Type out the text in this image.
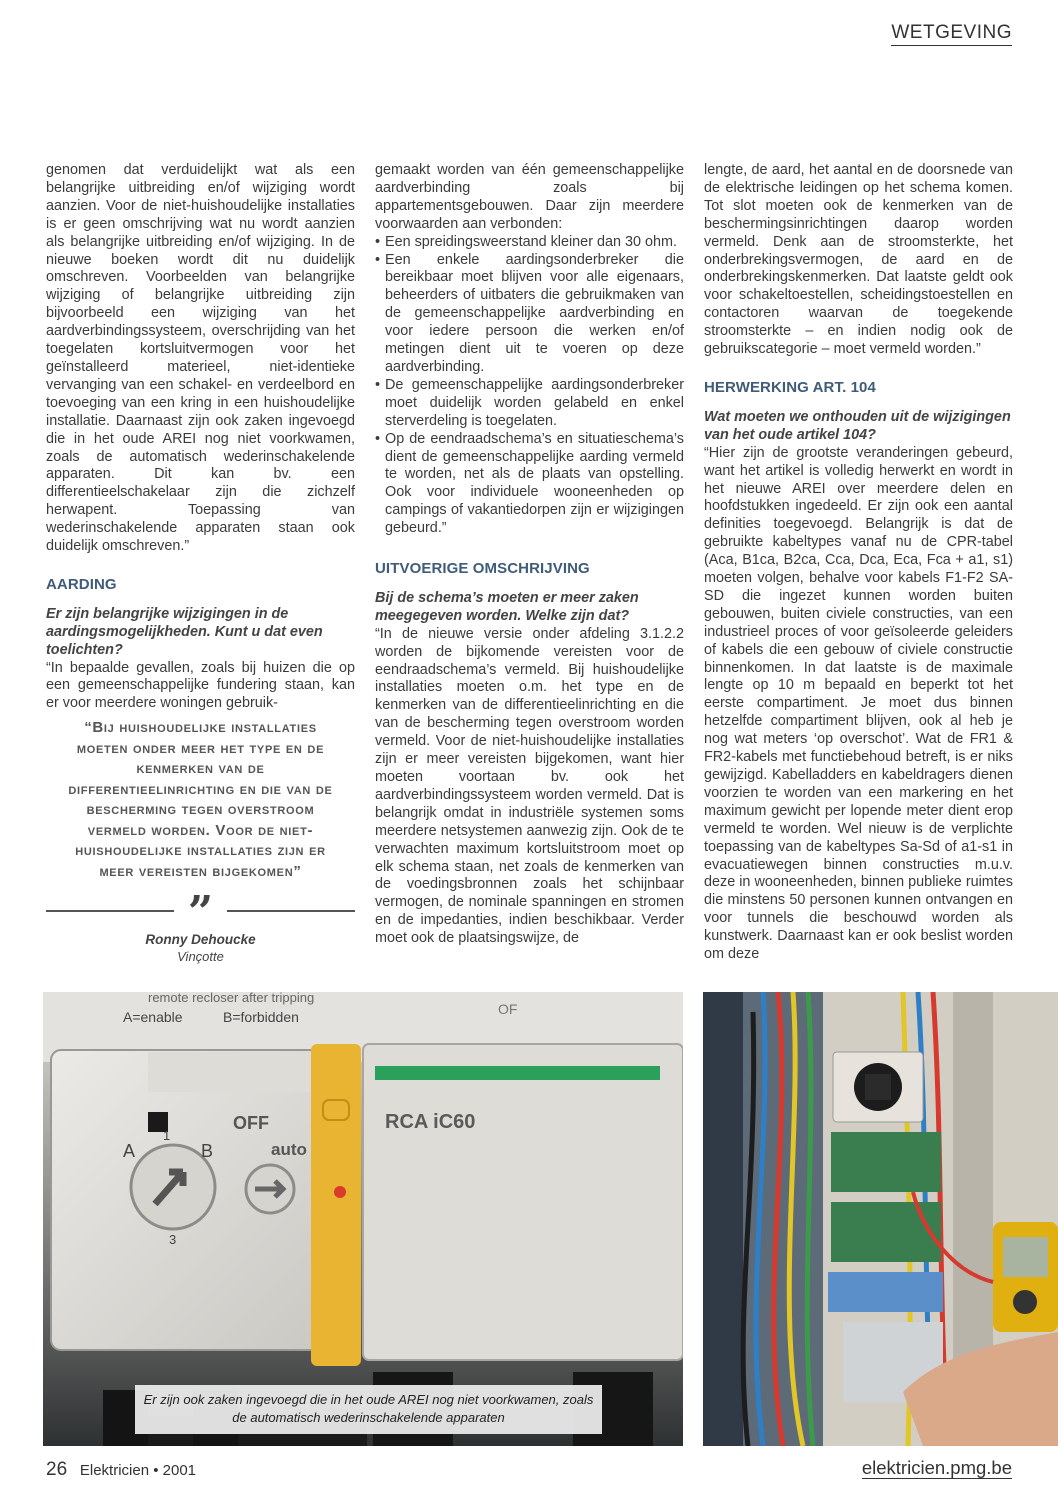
WETGEVING

genomen dat verduidelijkt wat als een belangrijke uitbreiding en/of wijziging wordt aanzien. Voor de niet-huishoudelijke installaties is er geen omschrijving wat nu wordt aanzien als belangrijke uitbreiding en/of wijziging. In de nieuwe boeken wordt dit nu duidelijk omschreven. Voorbeelden van belangrijke wijziging of belangrijke uitbreiding zijn bijvoorbeeld een wijziging van het aardverbindingssysteem, overschrijding van het toegelaten kortsluitvermogen voor het geïnstalleerd materieel, niet-identieke vervanging van een schakel- en verdeelbord en toevoeging van een kring in een huishoudelijke installatie. Daarnaast zijn ook zaken ingevoegd die in het oude AREI nog niet voorkwamen, zoals de automatisch wederinschakelende apparaten. Dit kan bv. een differentieelschakelaar zijn die zichzelf herwapent. Toepassing van wederinschakelende apparaten staan ook duidelijk omschreven.”

AARDING

Er zijn belangrijke wijzigingen in de aardingsmogelijkheden. Kunt u dat even toelichten?

“In bepaalde gevallen, zoals bij huizen die op een gemeenschappelijke fundering staan, kan er voor meerdere woningen gebruik-

“Bij huishoudelijke installaties moeten onder meer het type en de kenmerken van de differentieelinrichting en die van de bescherming tegen overstroom vermeld worden. Voor de niet-huishoudelijke installaties zijn er meer vereisten bijgekomen”
”
Ronny Dehoucke
Vinçotte

gemaakt worden van één gemeenschappelijke aardverbinding zoals bij appartementsgebouwen. Daar zijn meerdere voorwaarden aan verbonden:

• Een spreidingsweerstand kleiner dan 30 ohm.
• Een enkele aardingsonderbreker die bereikbaar moet blijven voor alle eigenaars, beheerders of uitbaters die gebruikmaken van de gemeenschappelijke aardverbinding en voor iedere persoon die werken en/of metingen dient uit te voeren op deze aardverbinding.
• De gemeenschappelijke aardingsonderbreker moet duidelijk worden gelabeld en enkel sterverdeling is toegelaten.
• Op de eendraadschema’s en situatieschema’s dient de gemeenschappelijke aarding vermeld te worden, net als de plaats van opstelling. Ook voor individuele wooneenheden op campings of vakantiedorpen zijn er wijzigingen gebeurd.”
UITVOERIGE OMSCHRIJVING

Bij de schema’s moeten er meer zaken meegegeven worden. Welke zijn dat?

“In de nieuwe versie onder afdeling 3.1.2.2 worden de bijkomende vereisten voor de eendraadschema’s vermeld. Bij huishoudelijke installaties moeten o.m. het type en de kenmerken van de differentieelinrichting en die van de bescherming tegen overstroom worden vermeld. Voor de niet-huishoudelijke installaties zijn er meer vereisten bijgekomen, want hier moeten voortaan bv. ook het aardverbindingssysteem worden vermeld. Dat is belangrijk omdat in industriële systemen soms meerdere netsystemen aanwezig zijn. Ook de te verwachten maximum kortsluitstroom moet op elk schema staan, net zoals de kenmerken van de voedingsbronnen zoals het schijnbaar vermogen, de nominale spanningen en stromen en de impedanties, indien beschikbaar. Verder moet ook de plaatsingswijze, de

lengte, de aard, het aantal en de doorsnede van de elektrische leidingen op het schema komen. Tot slot moeten ook de kenmerken van de beschermingsinrichtingen daarop worden vermeld. Denk aan de stroomsterkte, het onderbrekingsvermogen, de aard en de onderbrekingskenmerken. Dat laatste geldt ook voor schakeltoestellen, scheidingstoestellen en contactoren waarvan de toegekende stroomsterkte – en indien nodig ook de gebruikscategorie – moet vermeld worden.”

HERWERKING ART. 104

Wat moeten we onthouden uit de wijzigingen van het oude artikel 104?

“Hier zijn de grootste veranderingen gebeurd, want het artikel is volledig herwerkt en wordt in het nieuwe AREI over meerdere delen en hoofdstukken ingedeeld. Er zijn ook een aantal definities toegevoegd. Belangrijk is dat de gebruikte kabeltypes vanaf nu de CPR-tabel (Aca, B1ca, B2ca, Cca, Dca, Eca, Fca + a1, s1) moeten volgen, behalve voor kabels F1-F2 SA-SD die ingezet kunnen worden buiten gebouwen, buiten civiele constructies, van een industrieel proces of voor geïsoleerde geleiders of kabels die een gebouw of civiele constructie binnenkomen. In dat laatste is de maximale lengte op 10 m bepaald en beperkt tot het eerste compartiment. Je moet dus binnen hetzelfde compartiment blijven, ook al heb je nog wat meters ‘op overschot’. Wat de FR1 & FR2-kabels met functiebehoud betreft, is er niks gewijzigd. Kabelladders en kabeldragers dienen voorzien te worden van een markering en het maximum gewicht per lopende meter dient erop vermeld te worden. Wel nieuw is de verplichte toepassing van de kabeltypes Sa-Sd of a1-s1 in evacuatiewegen binnen constructies m.u.v. deze in wooneenheden, binnen publieke ruimtes die minstens 50 personen kunnen ontvangen en voor tunnels die beschouwd worden als kunstwerk. Daarnaast kan er ook beslist worden om deze

remote recloser after tripping
A=enable	B=forbidden	OF
A	B
1
3
OFF
auto
RCA iC60
Er zijn ook zaken ingevoegd die in het oude AREI nog niet voorkwamen, zoals de automatisch wederinschakelende apparaten
26 Elektricien • 2001	elektricien.pmg.be
